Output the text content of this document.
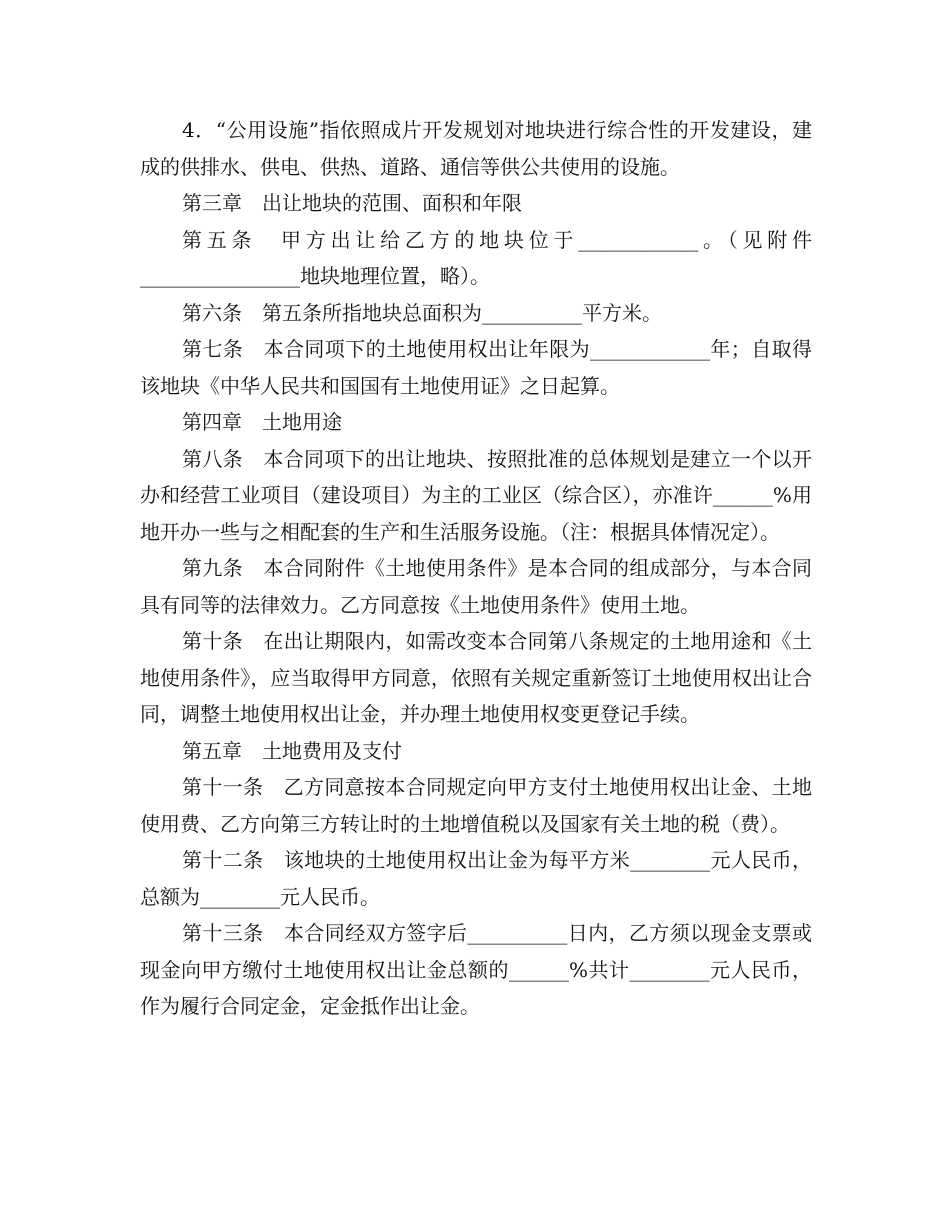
4．“公用设施”指依照成片开发规划对地块进行综合性的开发建设，建成的供排水、供电、供热、道路、通信等供公共使用的设施。

第三章　出让地块的范围、面积和年限

第五条　甲方出让给乙方的地块位于____________。（见附件________________地块地理位置，略）。

第六条　第五条所指地块总面积为__________平方米。

第七条　本合同项下的土地使用权出让年限为____________年；自取得该地块《中华人民共和国国有土地使用证》之日起算。

第四章　土地用途

第八条　本合同项下的出让地块、按照批准的总体规划是建立一个以开办和经营工业项目（建设项目）为主的工业区（综合区），亦准许______%用地开办一些与之相配套的生产和生活服务设施。（注：根据具体情况定）。

第九条　本合同附件《土地使用条件》是本合同的组成部分，与本合同具有同等的法律效力。乙方同意按《土地使用条件》使用土地。

第十条　在出让期限内，如需改变本合同第八条规定的土地用途和《土地使用条件》，应当取得甲方同意，依照有关规定重新签订土地使用权出让合同，调整土地使用权出让金，并办理土地使用权变更登记手续。

第五章　土地费用及支付

第十一条　乙方同意按本合同规定向甲方支付土地使用权出让金、土地使用费、乙方向第三方转让时的土地增值税以及国家有关土地的税（费）。

第十二条　该地块的土地使用权出让金为每平方米________元人民币，总额为________元人民币。

第十三条　本合同经双方签字后__________日内，乙方须以现金支票或现金向甲方缴付土地使用权出让金总额的______%共计________元人民币，作为履行合同定金，定金抵作出让金。
